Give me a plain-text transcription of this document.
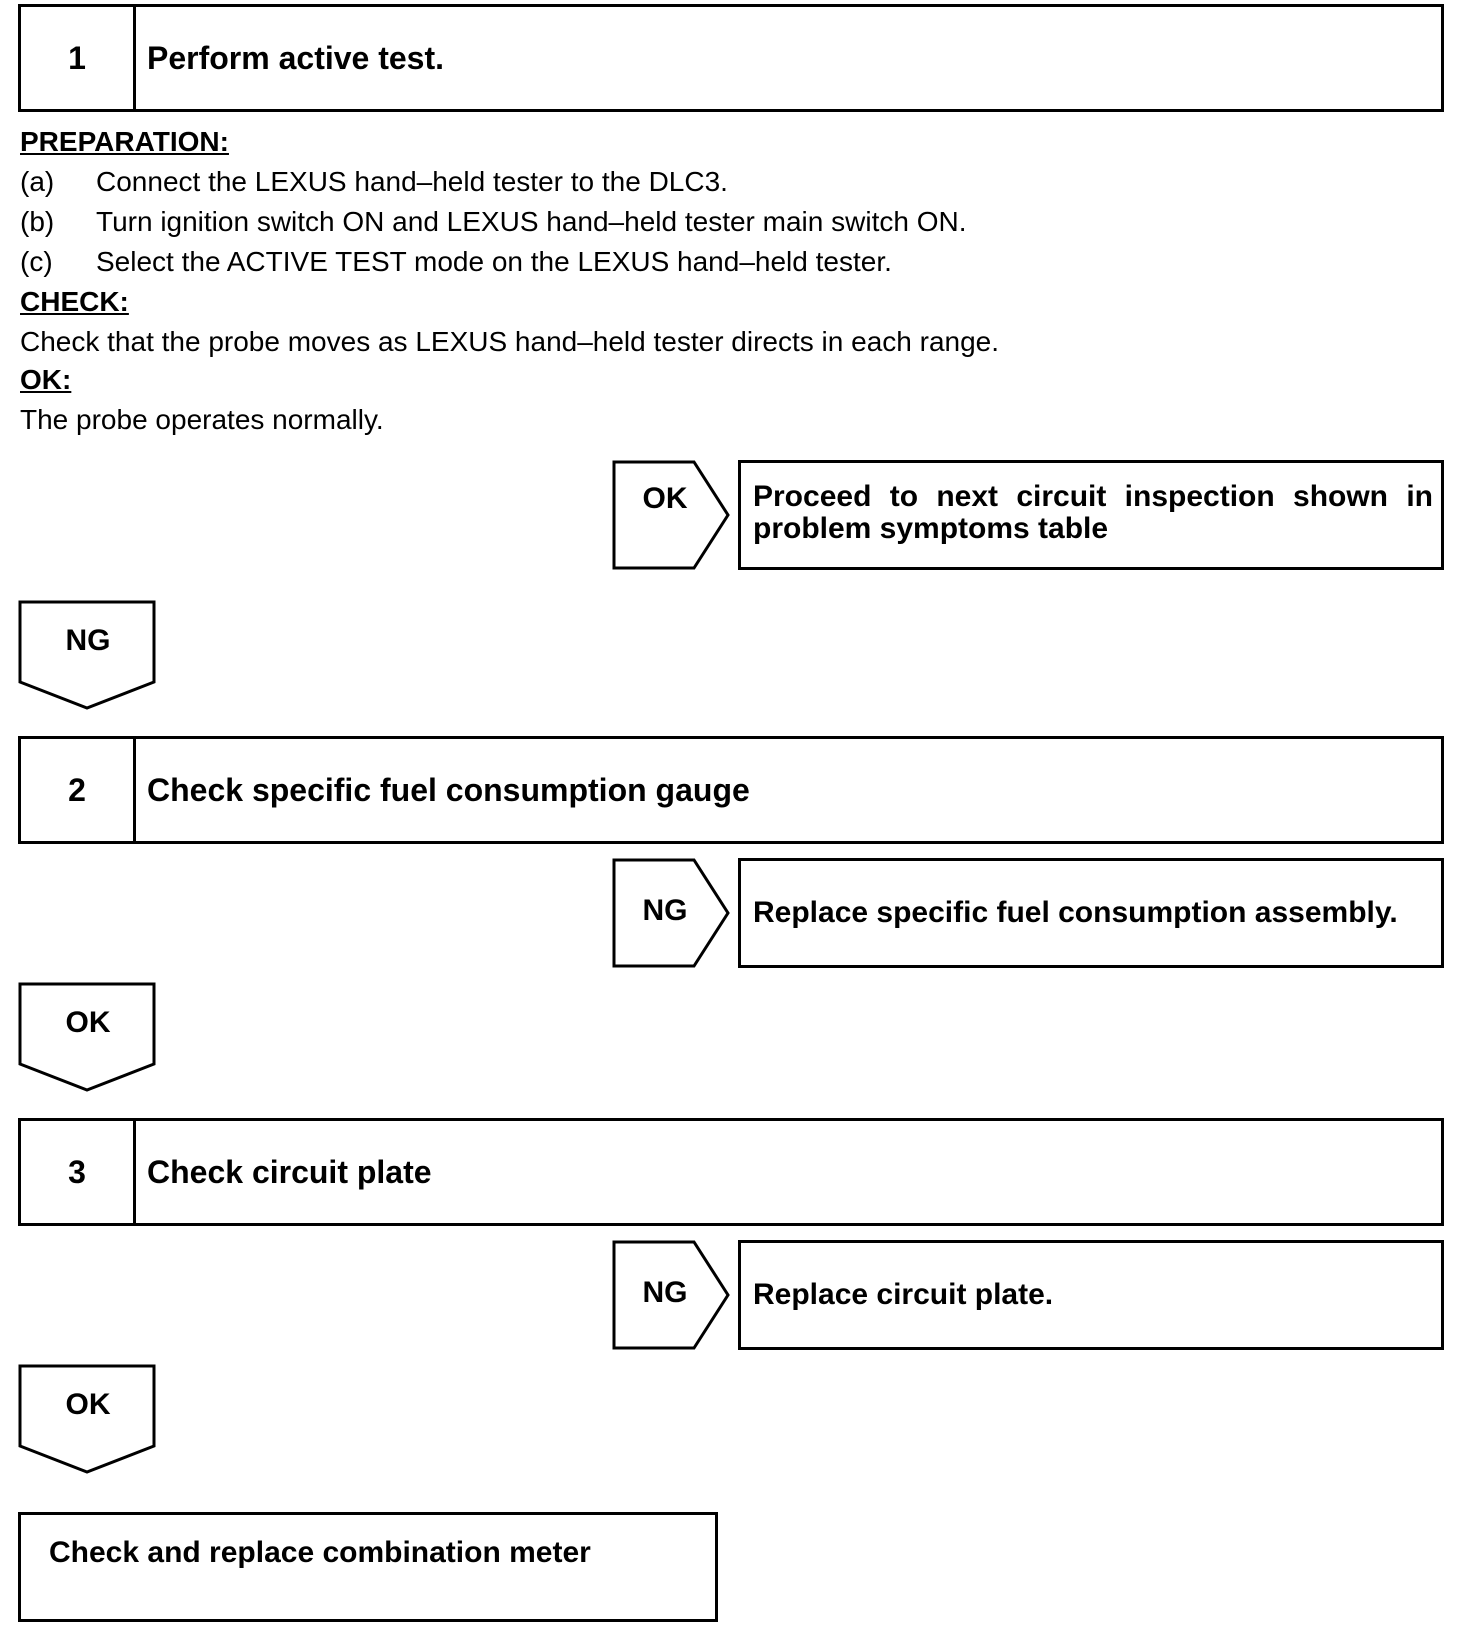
1	Perform active test.
PREPARATION:
(a) Connect the LEXUS hand–held tester to the DLC3.
(b) Turn ignition switch ON and LEXUS hand–held tester main switch ON.
(c) Select the ACTIVE TEST mode on the LEXUS hand–held tester.
CHECK:
Check that the probe moves as LEXUS hand–held tester directs in each range.
OK:
The probe operates normally.
OK	Proceed to next circuit inspection shown in
problem symptoms table
NG
2	Check specific fuel consumption gauge
NG	Replace specific fuel consumption assembly.
OK
3	Check circuit plate
NG	Replace circuit plate.
OK
Check and replace combination meter
